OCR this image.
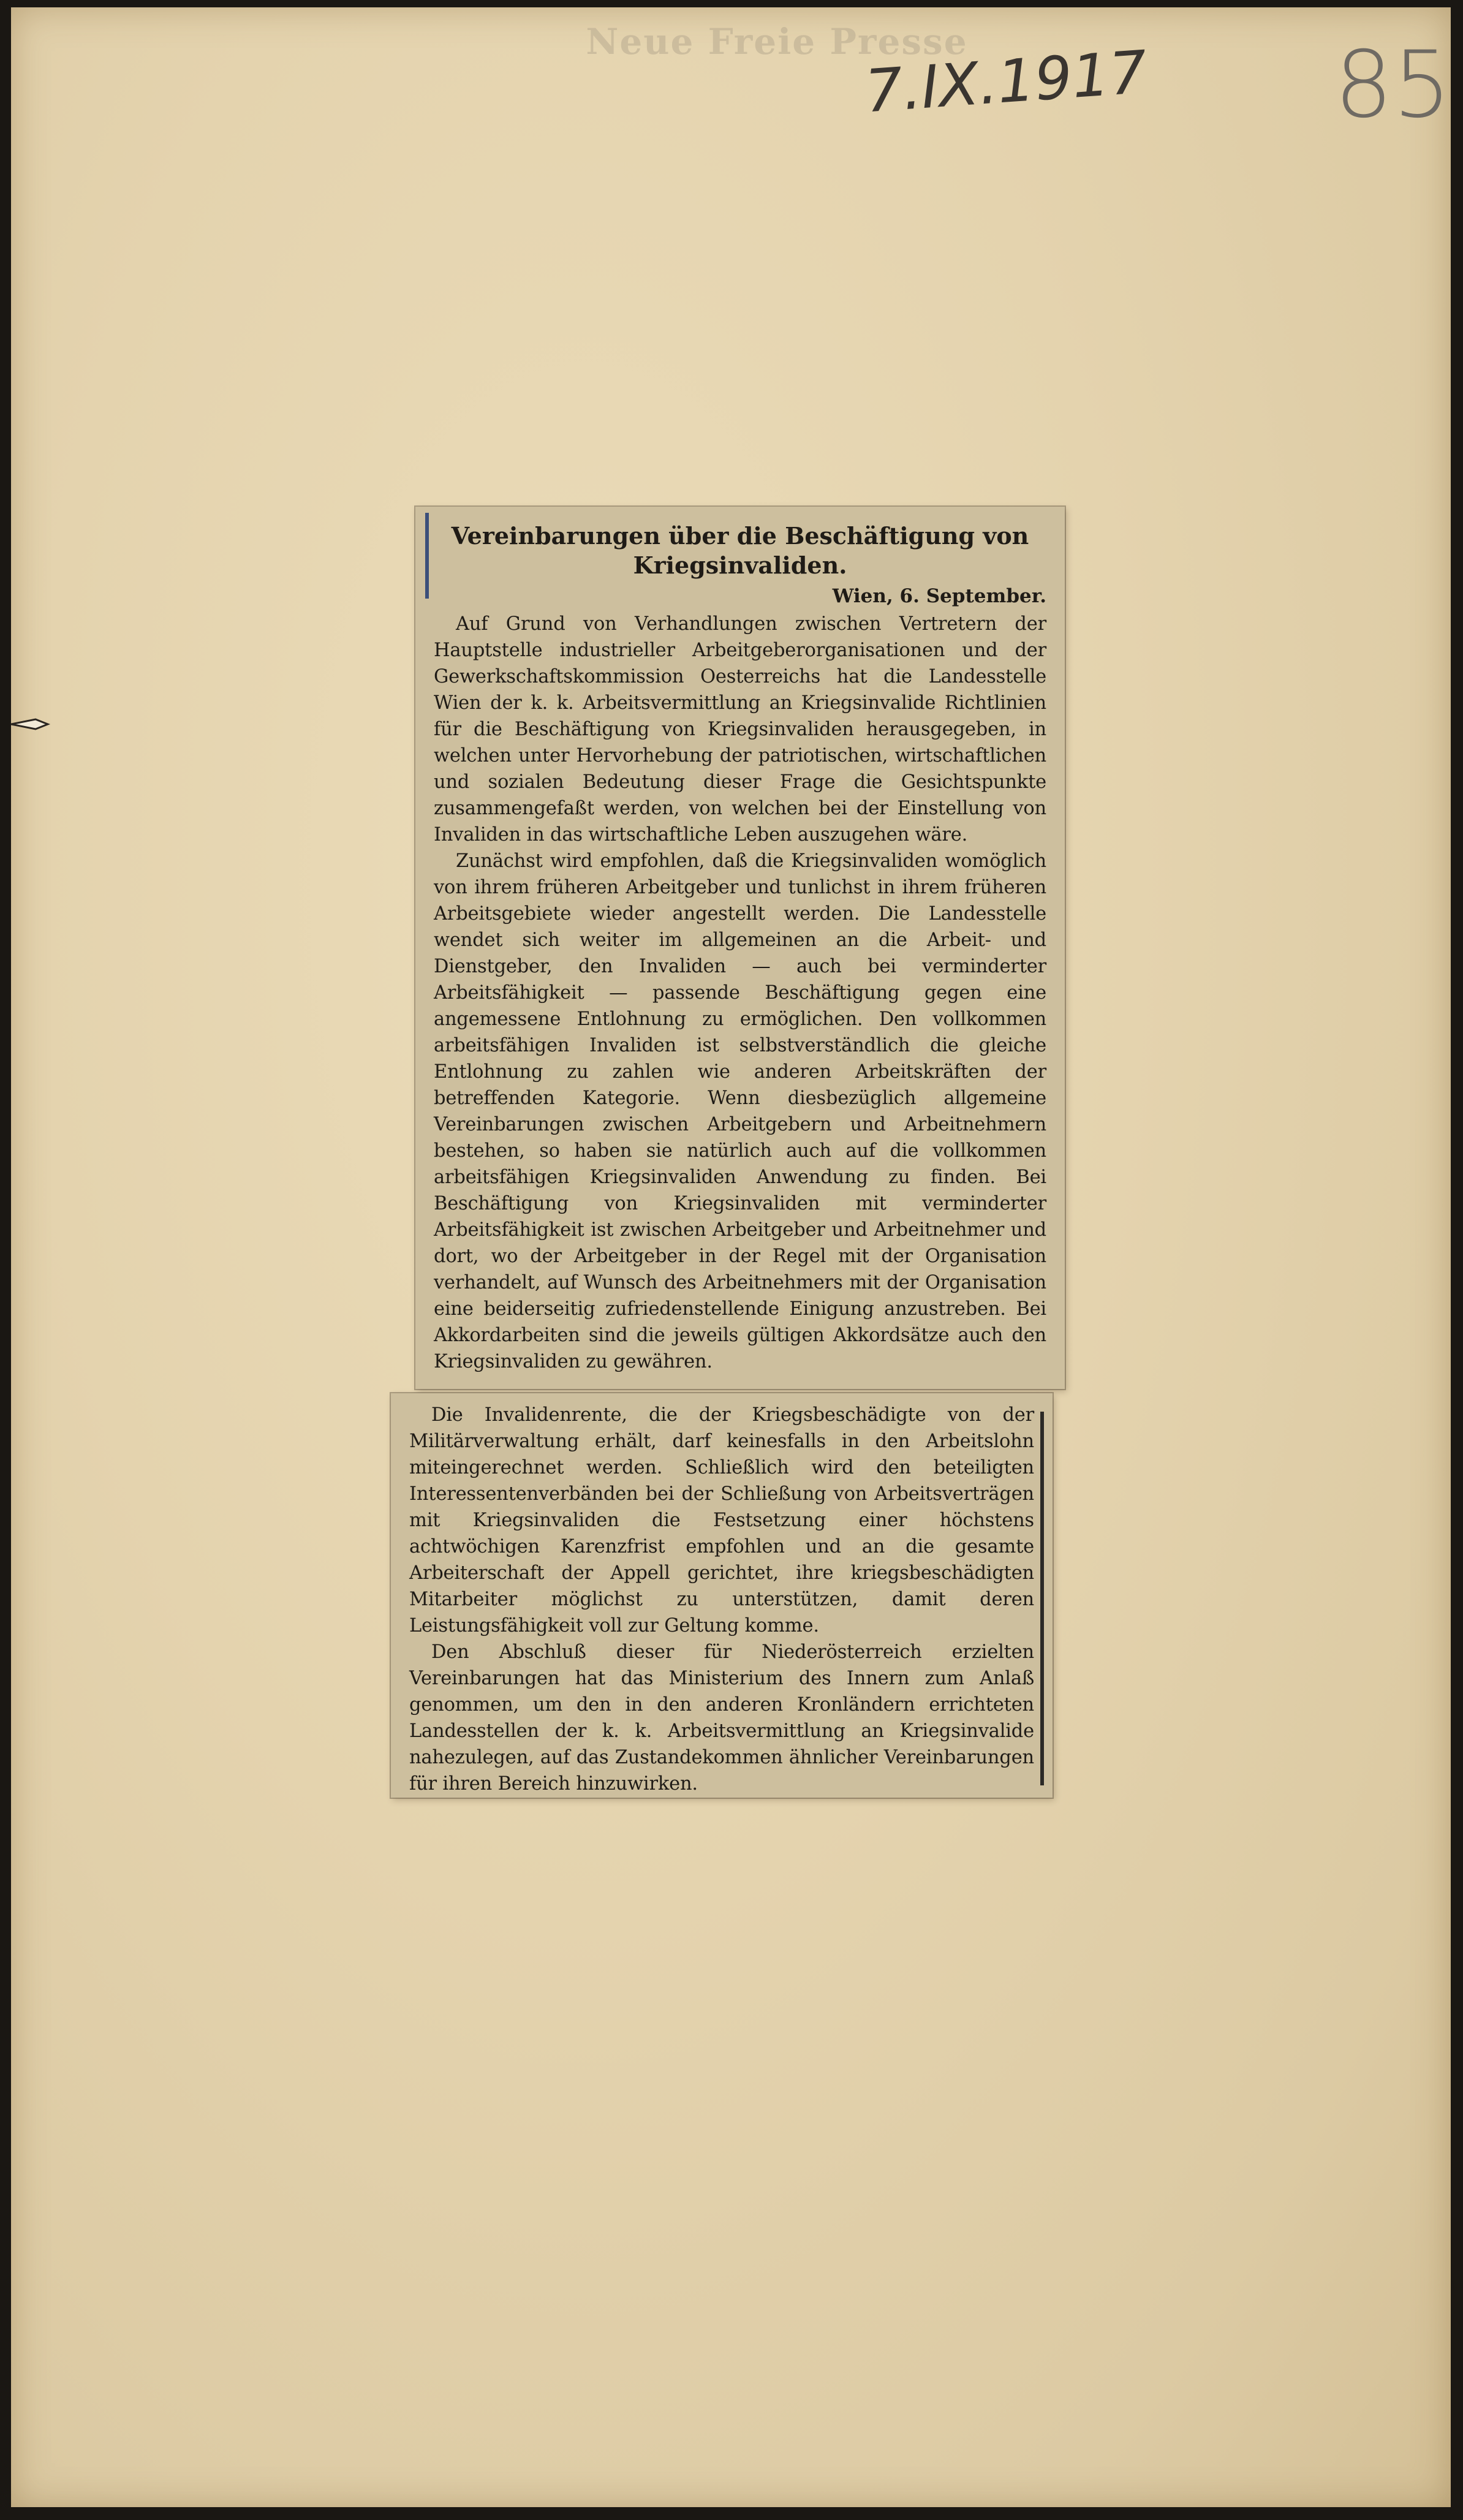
Neue Freie Presse
7.IX.1917 85
Vereinbarungen über die Beschäftigung von Kriegsinvaliden.
Wien, 6. September.

Auf Grund von Verhandlungen zwischen Vertretern der Hauptstelle industrieller Arbeitgeberorganisationen und der Gewerkschaftskommission Oesterreichs hat die Landesstelle Wien der k. k. Arbeitsvermittlung an Kriegsinvalide Richtlinien für die Beschäftigung von Kriegsinvaliden herausgegeben, in welchen unter Hervorhebung der patriotischen, wirtschaftlichen und sozialen Bedeutung dieser Frage die Gesichtspunkte zusammengefaßt werden, von welchen bei der Einstellung von Invaliden in das wirtschaftliche Leben auszugehen wäre.

Zunächst wird empfohlen, daß die Kriegsinvaliden womöglich von ihrem früheren Arbeitgeber und tunlichst in ihrem früheren Arbeitsgebiete wieder angestellt werden. Die Landesstelle wendet sich weiter im allgemeinen an die Arbeit- und Dienstgeber, den Invaliden — auch bei verminderter Arbeitsfähigkeit — passende Beschäftigung gegen eine angemessene Entlohnung zu ermöglichen. Den vollkommen arbeitsfähigen Invaliden ist selbstverständlich die gleiche Entlohnung zu zahlen wie anderen Arbeitskräften der betreffenden Kategorie. Wenn diesbezüglich allgemeine Vereinbarungen zwischen Arbeitgebern und Arbeitnehmern bestehen, so haben sie natürlich auch auf die vollkommen arbeitsfähigen Kriegsinvaliden Anwendung zu finden. Bei Beschäftigung von Kriegsinvaliden mit verminderter Arbeitsfähigkeit ist zwischen Arbeitgeber und Arbeitnehmer und dort, wo der Arbeitgeber in der Regel mit der Organisation verhandelt, auf Wunsch des Arbeitnehmers mit der Organisation eine beiderseitig zufriedenstellende Einigung anzustreben. Bei Akkordarbeiten sind die jeweils gültigen Akkordsätze auch den Kriegsinvaliden zu gewähren.

Die Invalidenrente, die der Kriegsbeschädigte von der Militärverwaltung erhält, darf keinesfalls in den Arbeitslohn miteingerechnet werden. Schließlich wird den beteiligten Interessentenverbänden bei der Schließung von Arbeitsverträgen mit Kriegsinvaliden die Festsetzung einer höchstens achtwöchigen Karenzfrist empfohlen und an die gesamte Arbeiterschaft der Appell gerichtet, ihre kriegsbeschädigten Mitarbeiter möglichst zu unterstützen, damit deren Leistungsfähigkeit voll zur Geltung komme.

Den Abschluß dieser für Niederösterreich erzielten Vereinbarungen hat das Ministerium des Innern zum Anlaß genommen, um den in den anderen Kronländern errichteten Landesstellen der k. k. Arbeitsvermittlung an Kriegsinvalide nahezulegen, auf das Zustandekommen ähnlicher Vereinbarungen für ihren Bereich hinzuwirken.
